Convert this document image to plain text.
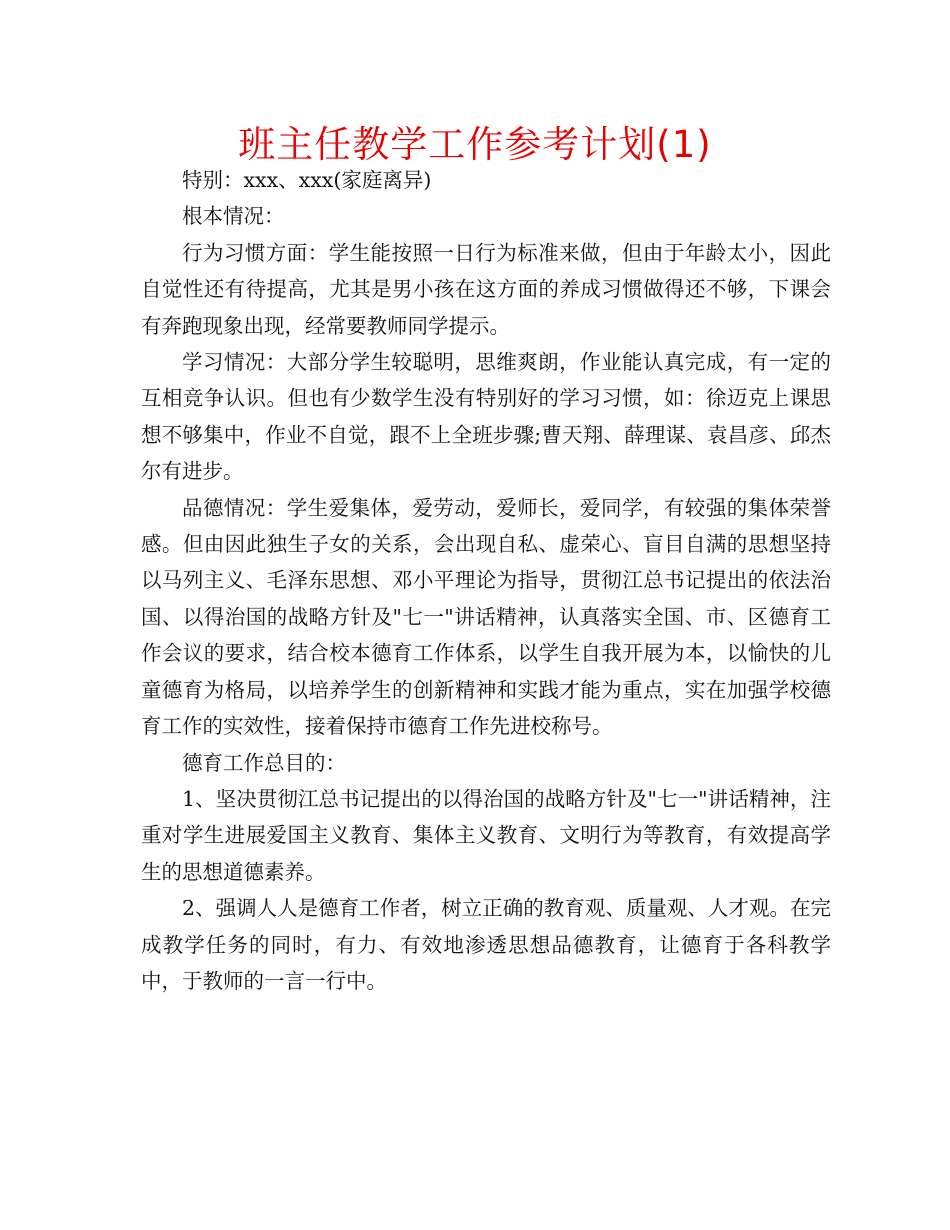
班主任教学工作参考计划(1)

特别：xxx、xxx(家庭离异)

根本情况：

行为习惯方面：学生能按照一日行为标准来做，但由于年龄太小，因此自觉性还有待提高，尤其是男小孩在这方面的养成习惯做得还不够，下课会有奔跑现象出现，经常要教师同学提示。

学习情况：大部分学生较聪明，思维爽朗，作业能认真完成，有一定的互相竞争认识。但也有少数学生没有特别好的学习习惯，如：徐迈克上课思想不够集中，作业不自觉，跟不上全班步骤;曹天翔、薛理谋、袁昌彦、邱杰尔有进步。

品德情况：学生爱集体，爱劳动，爱师长，爱同学，有较强的集体荣誉感。但由因此独生子女的关系，会出现自私、虚荣心、盲目自满的思想坚持以马列主义、毛泽东思想、邓小平理论为指导，贯彻江总书记提出的依法治国、以得治国的战略方针及"七一"讲话精神，认真落实全国、市、区德育工作会议的要求，结合校本德育工作体系，以学生自我开展为本，以愉快的儿童德育为格局，以培养学生的创新精神和实践才能为重点，实在加强学校德育工作的实效性，接着保持市德育工作先进校称号。

德育工作总目的：

1、坚决贯彻江总书记提出的以得治国的战略方针及"七一"讲话精神，注重对学生进展爱国主义教育、集体主义教育、文明行为等教育，有效提高学生的思想道德素养。

2、强调人人是德育工作者，树立正确的教育观、质量观、人才观。在完成教学任务的同时，有力、有效地渗透思想品德教育，让德育于各科教学中，于教师的一言一行中。
